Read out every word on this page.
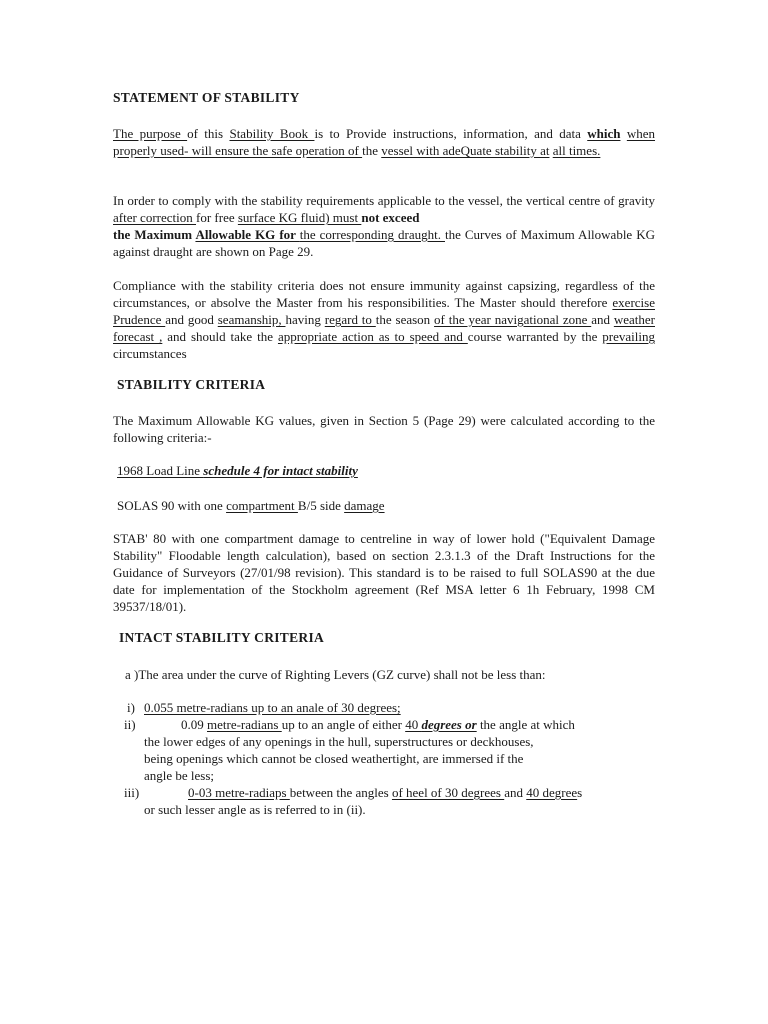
STATEMENT OF STABILITY

The purpose of this Stability Book is to Provide instructions, information, and data which when properly used- will ensure the safe operation of the vessel with adeQuate stability at all times.

In order to comply with the stability requirements applicable to the vessel, the vertical centre of gravity after correction for free surface KG fluid) must not exceed
the Maximum Allowable KG for the corresponding draught. the Curves of Maximum Allowable KG against draught are shown on Page 29.

Compliance with the stability criteria does not ensure immunity against capsizing, regardless of the circumstances, or absolve the Master from his responsibilities. The Master should therefore exercise Prudence and good seamanship, having regard to the season of the year navigational zone and weather forecast , and should take the appropriate action as to speed and course warranted by the prevailing circumstances

STABILITY CRITERIA

The Maximum Allowable KG values, given in Section 5 (Page 29) were calculated according to the following criteria:-

1968 Load Line schedule 4 for intact stability

SOLAS 90 with one compartment B/5 side damage

STAB' 80 with one compartment damage to centreline in way of lower hold ("Equivalent Damage Stability" Floodable length calculation), based on section 2.3.1.3 of the Draft Instructions for the Guidance of Surveyors (27/01/98 revision). This standard is to be raised to full SOLAS90 at the due date for implementation of the Stockholm agreement (Ref MSA letter 6 1h February, 1998 CM 39537/18/01).

INTACT STABILITY CRITERIA

a )The area under the curve of Righting Levers (GZ curve) shall not be less than:

i) 0.055 metre-radians up to an anale of 30 degrees;
ii)	0.09 metre-radians up to an angle of either 40 degrees or the angle at which

the lower edges of any openings in the hull, superstructures or deckhouses,
being openings which cannot be closed weathertight, are immersed if the
angle be less;
iii)	0-03 metre-radiaps between the angles of heel of 30 degrees and 40 degrees

or such lesser angle as is referred to in (ii).
